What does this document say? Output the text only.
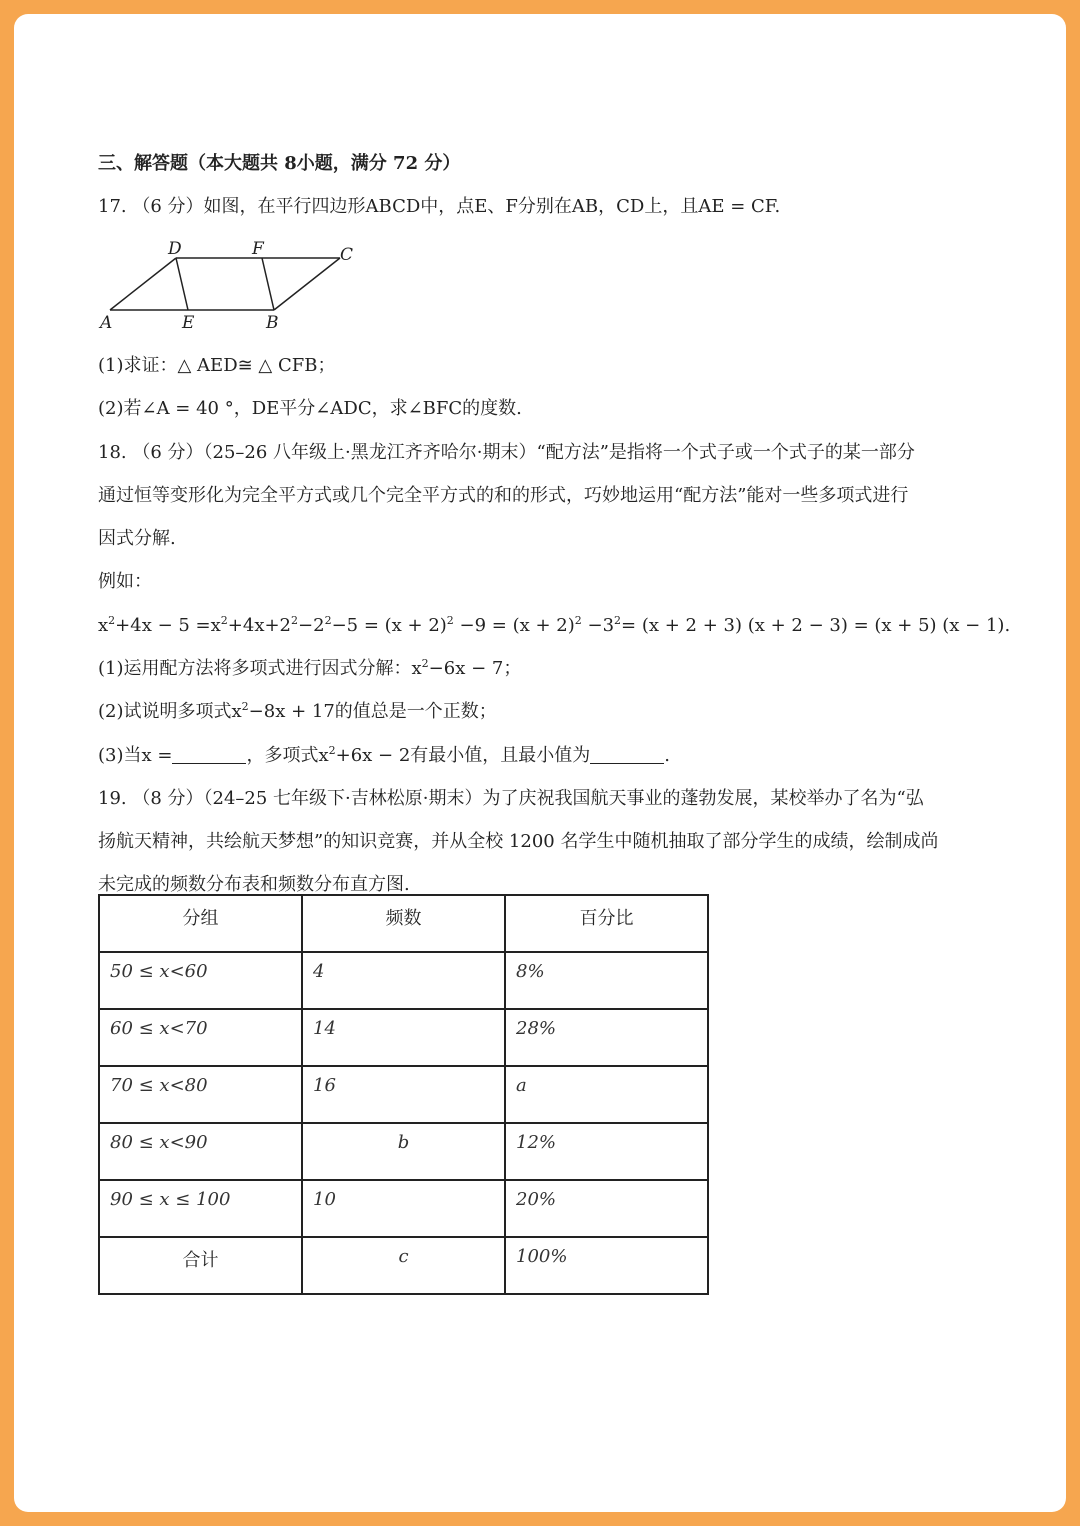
三、解答题（本大题共 8小题，满分 72 分）
17. （6 分）如图，在平行四边形ABCD中，点E、F分别在AB，CD上，且AE = CF.
A	E	B
D	F	C
(1)求证：△ AED≅ △ CFB；
(2)若∠A = 40 °，DE平分∠ADC，求∠BFC的度数.
18. （6 分）（25–26 八年级上·黑龙江齐齐哈尔·期末）“配方法”是指将一个式子或一个式子的某一部分
通过恒等变形化为完全平方式或几个完全平方式的和的形式，巧妙地运用“配方法”能对一些多项式进行
因式分解.
例如：
$x^2+4x - 5 =x^2+4x+2^2-2^2-5 = (x + 2)^2 -9 = (x + 2)^2 -3^2= (x + 2 + 3) (x + 2 - 3) = (x + 5) (x - 1)$.
(1)运用配方法将多项式进行因式分解：$x^2-6x - 7$；
(2)试说明多项式$x^2-8x + 17$的值总是一个正数；
(3)当x =	，多项式$x^2+6x - 2$有最小值，且最小值为	.
19. （8 分）（24–25 七年级下·吉林松原·期末）为了庆祝我国航天事业的蓬勃发展，某校举办了名为“弘
扬航天精神，共绘航天梦想”的知识竞赛，并从全校 1200 名学生中随机抽取了部分学生的成绩，绘制成尚
未完成的频数分布表和频数分布直方图.
分组	频数	百分比
50 ≤ x<60	4	8%
60 ≤ x<70	14	28%
70 ≤ x<80	16	a
80 ≤ x<90	b	12%
90 ≤ x ≤ 100	10	20%
合计	c	100%
